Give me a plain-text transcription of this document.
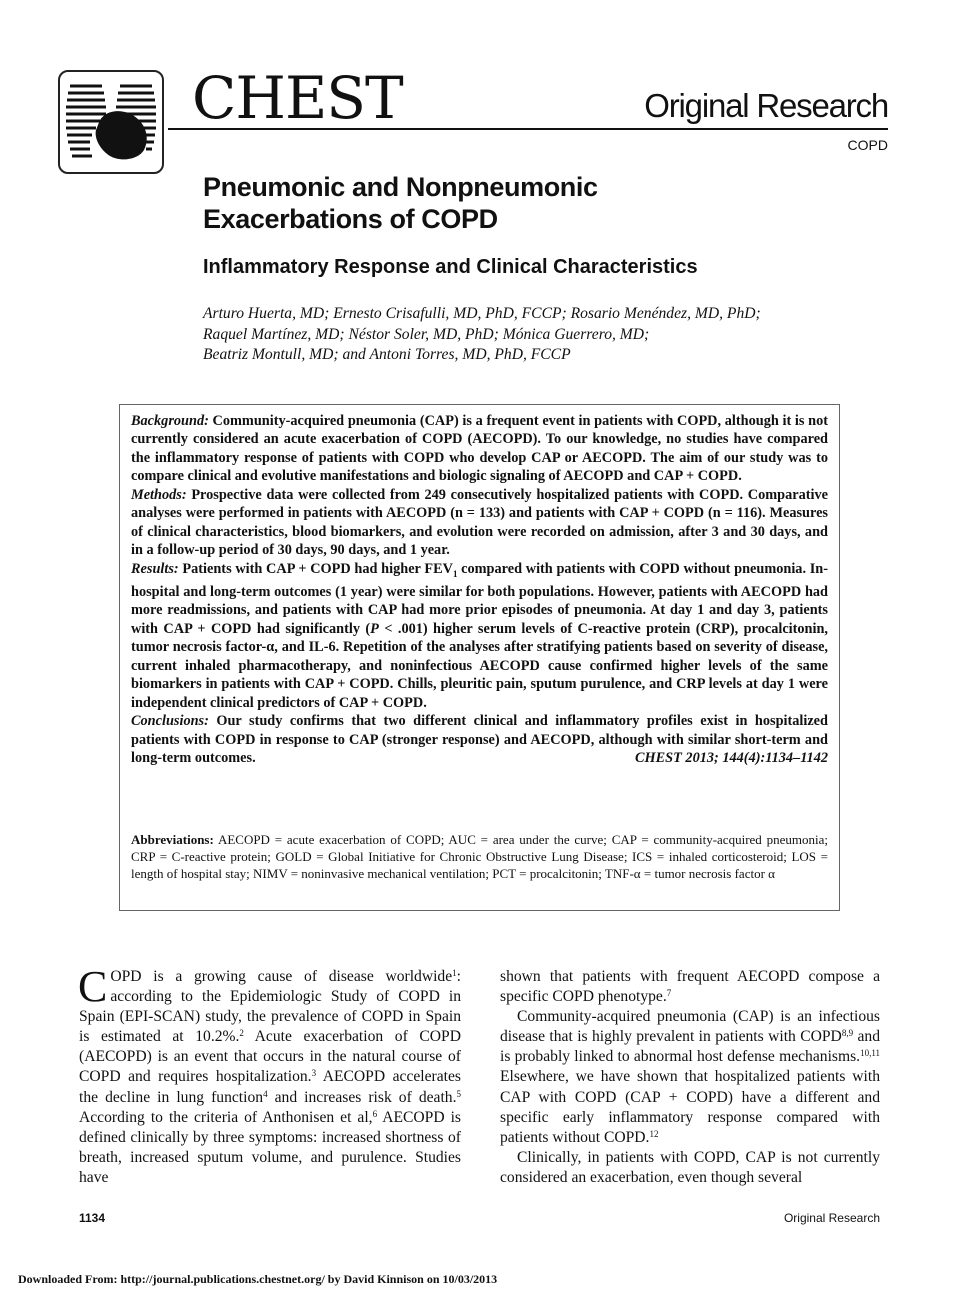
CHEST	Original Research
COPD
Pneumonic and Nonpneumonic
Exacerbations of COPD
Inflammatory Response and Clinical Characteristics
Arturo Huerta, MD; Ernesto Crisafulli, MD, PhD, FCCP; Rosario Menéndez, MD, PhD;
Raquel Martínez, MD; Néstor Soler, MD, PhD; Mónica Guerrero, MD;
Beatriz Montull, MD; and Antoni Torres, MD, PhD, FCCP

Background: Community-acquired pneumonia (CAP) is a frequent event in patients with COPD, although it is not currently considered an acute exacerbation of COPD (AECOPD). To our knowledge, no studies have compared the inflammatory response of patients with COPD who develop CAP or AECOPD. The aim of our study was to compare clinical and evolutive manifestations and biologic signaling of AECOPD and CAP + COPD.

Methods: Prospective data were collected from 249 consecutively hospitalized patients with COPD. Comparative analyses were performed in patients with AECOPD (n = 133) and patients with CAP + COPD (n = 116). Measures of clinical characteristics, blood biomarkers, and evolution were recorded on admission, after 3 and 30 days, and in a follow-up period of 30 days, 90 days, and 1 year.

Results: Patients with CAP + COPD had higher $FEV_1$ compared with patients with COPD without pneumonia. In-hospital and long-term outcomes (1 year) were similar for both populations. However, patients with AECOPD had more readmissions, and patients with CAP had more prior episodes of pneumonia. At day 1 and day 3, patients with CAP + COPD had significantly (P < .001) higher serum levels of C-reactive protein (CRP), procalcitonin, tumor necrosis factor-α, and IL-6. Repetition of the analyses after stratifying patients based on severity of disease, current inhaled pharmacotherapy, and noninfectious AECOPD cause confirmed higher levels of the same biomarkers in patients with CAP + COPD. Chills, pleuritic pain, sputum purulence, and CRP levels at day 1 were independent clinical predictors of CAP + COPD.

Conclusions: Our study confirms that two different clinical and inflammatory profiles exist in hospitalized patients with COPD in response to CAP (stronger response) and AECOPD, although with similar short-term and long-term outcomes.	CHEST 2013; 144(4):1134–1142

Abbreviations: AECOPD = acute exacerbation of COPD; AUC = area under the curve; CAP = community-acquired pneumonia; CRP = C-reactive protein; GOLD = Global Initiative for Chronic Obstructive Lung Disease; ICS = inhaled corticosteroid; LOS = length of hospital stay; NIMV = noninvasive mechanical ventilation; PCT = procalcitonin; TNF-α = tumor necrosis factor α

COPD is a growing cause of disease worldwide$^1$: according to the Epidemiologic Study of COPD in Spain (EPI-SCAN) study, the prevalence of COPD in Spain is estimated at 10.2%.$^2$ Acute exacerbation of COPD (AECOPD) is an event that occurs in the natural course of COPD and requires hospitalization.$^3$ AECOPD accelerates the decline in lung function$^4$ and increases risk of death.$^5$ According to the criteria of Anthonisen et al,$^6$ AECOPD is defined clinically by three symptoms: increased shortness of breath, increased sputum volume, and purulence. Studies have

shown that patients with frequent AECOPD compose a specific COPD phenotype.$^7$

Community-acquired pneumonia (CAP) is an infectious disease that is highly prevalent in patients with COPD$^{8,9}$ and is probably linked to abnormal host defense mechanisms.$^{10,11}$ Elsewhere, we have shown that hospitalized patients with CAP with COPD (CAP + COPD) have a different and specific early inflammatory response compared with patients without COPD.$^{12}$

Clinically, in patients with COPD, CAP is not currently considered an exacerbation, even though several

1134	Original Research
Downloaded From: http://journal.publications.chestnet.org/ by David Kinnison on 10/03/2013
